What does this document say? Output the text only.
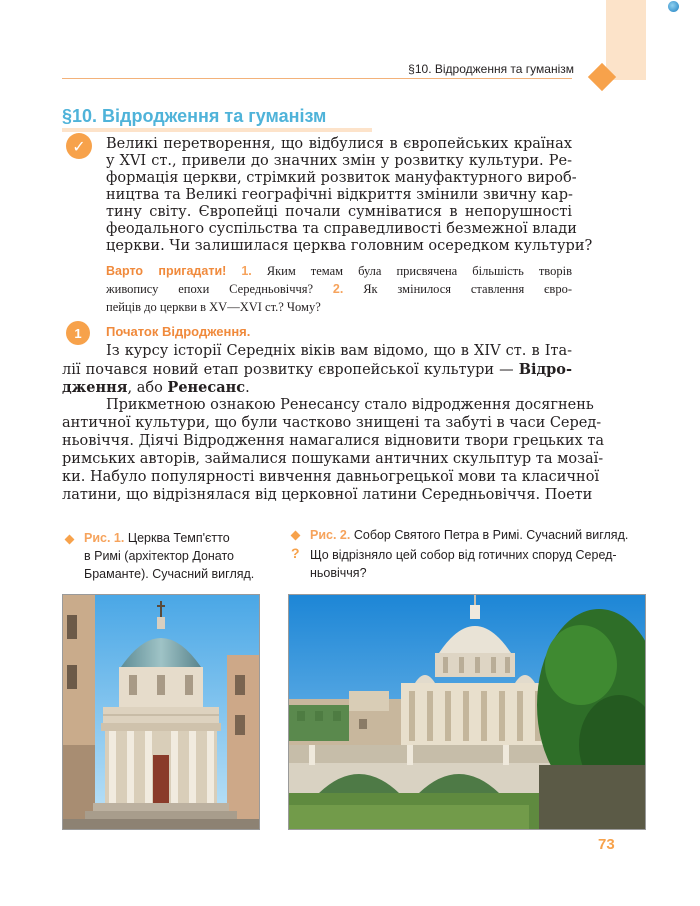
§10. Відродження та гуманізм
§10. Відродження та гуманізм
✓	Великі перетворення, що відбулися в європейських країнах
у XVI ст., привели до значних змін у розвитку культури. Ре-
формація церкви, стрімкий розвиток мануфактурного вироб-
ництва та Великі географічні відкриття змінили звичну кар-
тину світу. Європейці почали сумніватися в непорушності
феодального суспільства та справедливості безмежної влади
церкви. Чи залишилася церква головним осередком культури?
Варто пригадати! 1. Яким темам була присвячена більшість творів
живопису епохи Середньовіччя? 2. Як змінилося ставлення євро-
пейців до церкви в XV—XVI ст.? Чому?
1	Початок Відродження.
Із курсу історії Середніх віків вам відомо, що в XIV ст. в Іта-
лії почався новий етап розвитку європейської культури — Відро-
дження, або Ренесанс.
Прикметною ознакою Ренесансу стало відродження досягнень
античної культури, що були частково знищені та забуті в часи Серед-
ньовіччя. Діячі Відродження намагалися відновити твори грецьких та
римських авторів, займалися пошуками античних скульптур та мозаї-
ки. Набуло популярності вивчення давньогрецької мови та класичної
латини, що відрізнялася від церковної латини Середньовіччя. Поети
Рис. 1. Церква Темп'єтто
в Римі (архітектор Донато
Браманте). Сучасний вигляд.
Рис. 2. Собор Святого Петра в Римі. Сучасний вигляд.
? Що відрізняло цей собор від готичних споруд Серед-
ньовіччя?
73
